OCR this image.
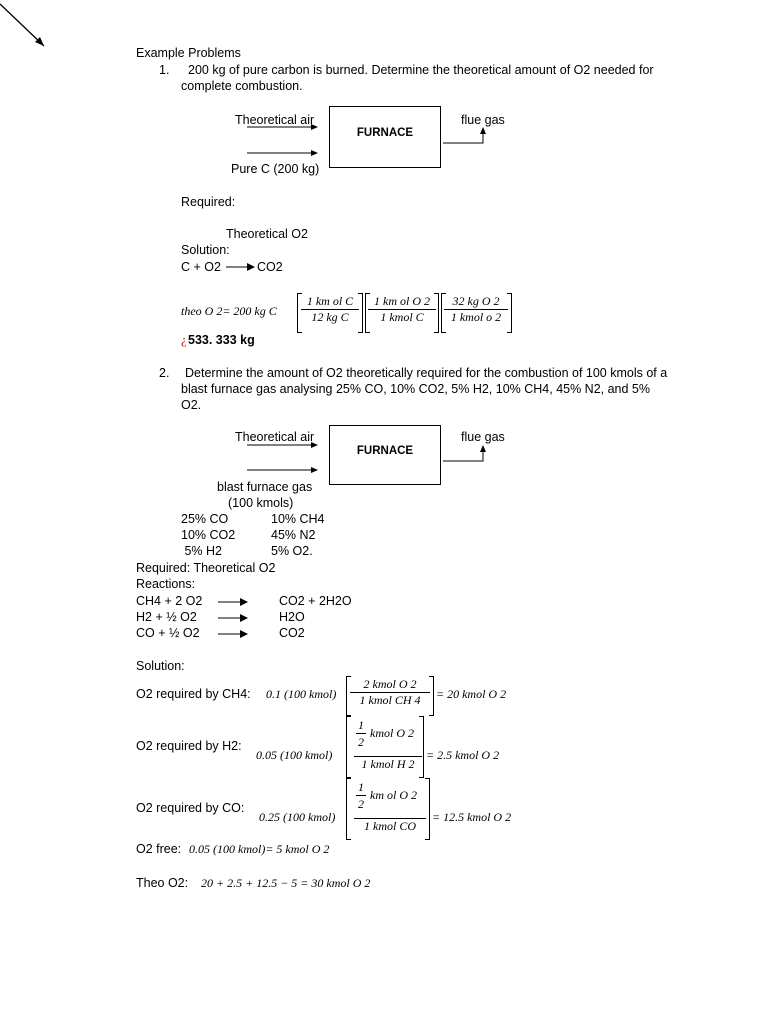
Example Problems
1. 200 kg of pure carbon is burned. Determine the theoretical amount of O2 needed for
complete combustion.
Theoretical air
Pure C (200 kg)
FURNACE
flue gas
Required:
Theoretical O2
Solution:
C + O2	CO2
theo O 2= 200 kg C $\frac{\text{1 km ol C}}{\text{12 kg C}}$	1 km ol O 2
1 kmol C
32 kg O 2
1 kmol o 2
¿ 533. 333 kg
2. Determine the amount of O2 theoretically required for the combustion of 100 kmols of a
blast furnace gas analysing 25% CO, 10% CO2, 5% H2, 10% CH4, 45% N2, and 5%
O2.
Theoretical air
blast furnace gas
(100 kmols)
FURNACE
flue gas
25% CO	10% CH4
10% CO2	45% N2
5% H2	5% O2.
Required: Theoretical O2
Reactions:
CH4 + 2 O2	CO2 + 2H2O
H2 + ½ O2	H2O
CO + ½ O2	CO2
Solution:
O2 required by CH4: 0.1 (100 kmol)
2 kmol O 2
1 kmol CH 4	= 20 kmol O 2
O2 required by H2:
0.05 (100 kmol)
1
2
kmol O 2
1 kmol H 2
= 2.5 kmol O 2
O2 required by CO:
0.25 (100 kmol)
1
2
km ol O 2
1 kmol CO
= 12.5 kmol O 2
O2 free: 0.05 (100 kmol)= 5 kmol O 2
Theo O2: 20 + 2.5 + 12.5 − 5 = 30 kmol O 2
